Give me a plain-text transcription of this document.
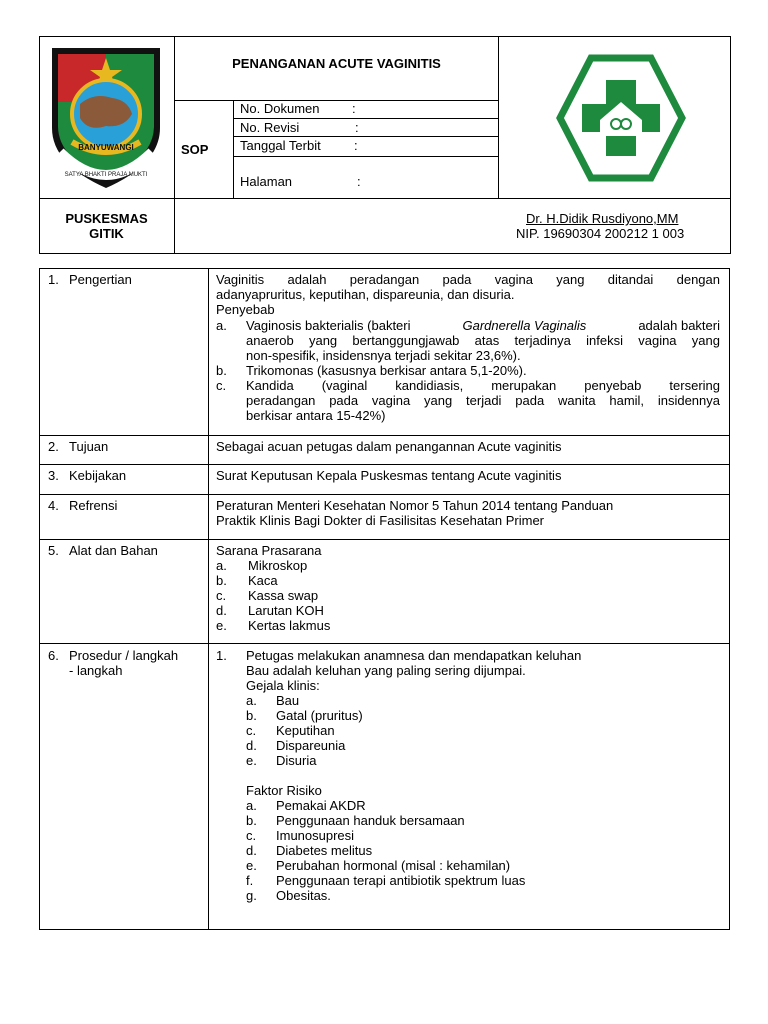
BANYUWANGI
SATYA BHAKTI PRAJA MUKTI
PENANGANAN ACUTE VAGINITIS
SOP
No. Dokumen	:
No. Revisi	:
Tanggal Terbit	:
Halaman	:
PUSKESMAS
GITIK
Dr. H.Didik Rusdiyono,MM
NIP. 19690304 200212 1 003
1. Pengertian	Vaginitis adalah peradangan pada vagina yang ditandai dengan
adanyapruritus, keputihan, dispareunia, dan disuria.
Penyebab
a. Vaginosis bakterialis (bakteri	Gardnerella Vaginalis	adalah bakteri
anaerob yang bertanggungjawab atas terjadinya infeksi vagina yang
non-spesifik, insidensnya terjadi sekitar 23,6%).
b. Trikomonas (kasusnya berkisar antara 5,1-20%).
c. Kandida (vaginal kandidiasis, merupakan penyebab tersering
peradangan pada vagina yang terjadi pada wanita hamil, insidennya
berkisar antara 15-42%)
2. Tujuan	Sebagai acuan petugas dalam penangannan Acute vaginitis
3. Kebijakan	Surat Keputusan Kepala Puskesmas tentang Acute vaginitis
4. Refrensi	Peraturan Menteri Kesehatan Nomor 5 Tahun 2014 tentang Panduan
Praktik Klinis Bagi Dokter di Fasilisitas Kesehatan Primer
5. Alat dan Bahan	Sarana Prasarana
a. Mikroskop
b. Kaca
c. Kassa swap
d. Larutan KOH
e. Kertas lakmus
6. Prosedur / langkah
- langkah
1. Petugas melakukan anamnesa dan mendapatkan keluhan
Bau adalah keluhan yang paling sering dijumpai.
Gejala klinis:
a. Bau
b. Gatal (pruritus)
c. Keputihan
d. Dispareunia
e. Disuria
Faktor Risiko
a. Pemakai AKDR
b. Penggunaan handuk bersamaan
c. Imunosupresi
d. Diabetes melitus
e. Perubahan hormonal (misal : kehamilan)
f. Penggunaan terapi antibiotik spektrum luas
g. Obesitas.
